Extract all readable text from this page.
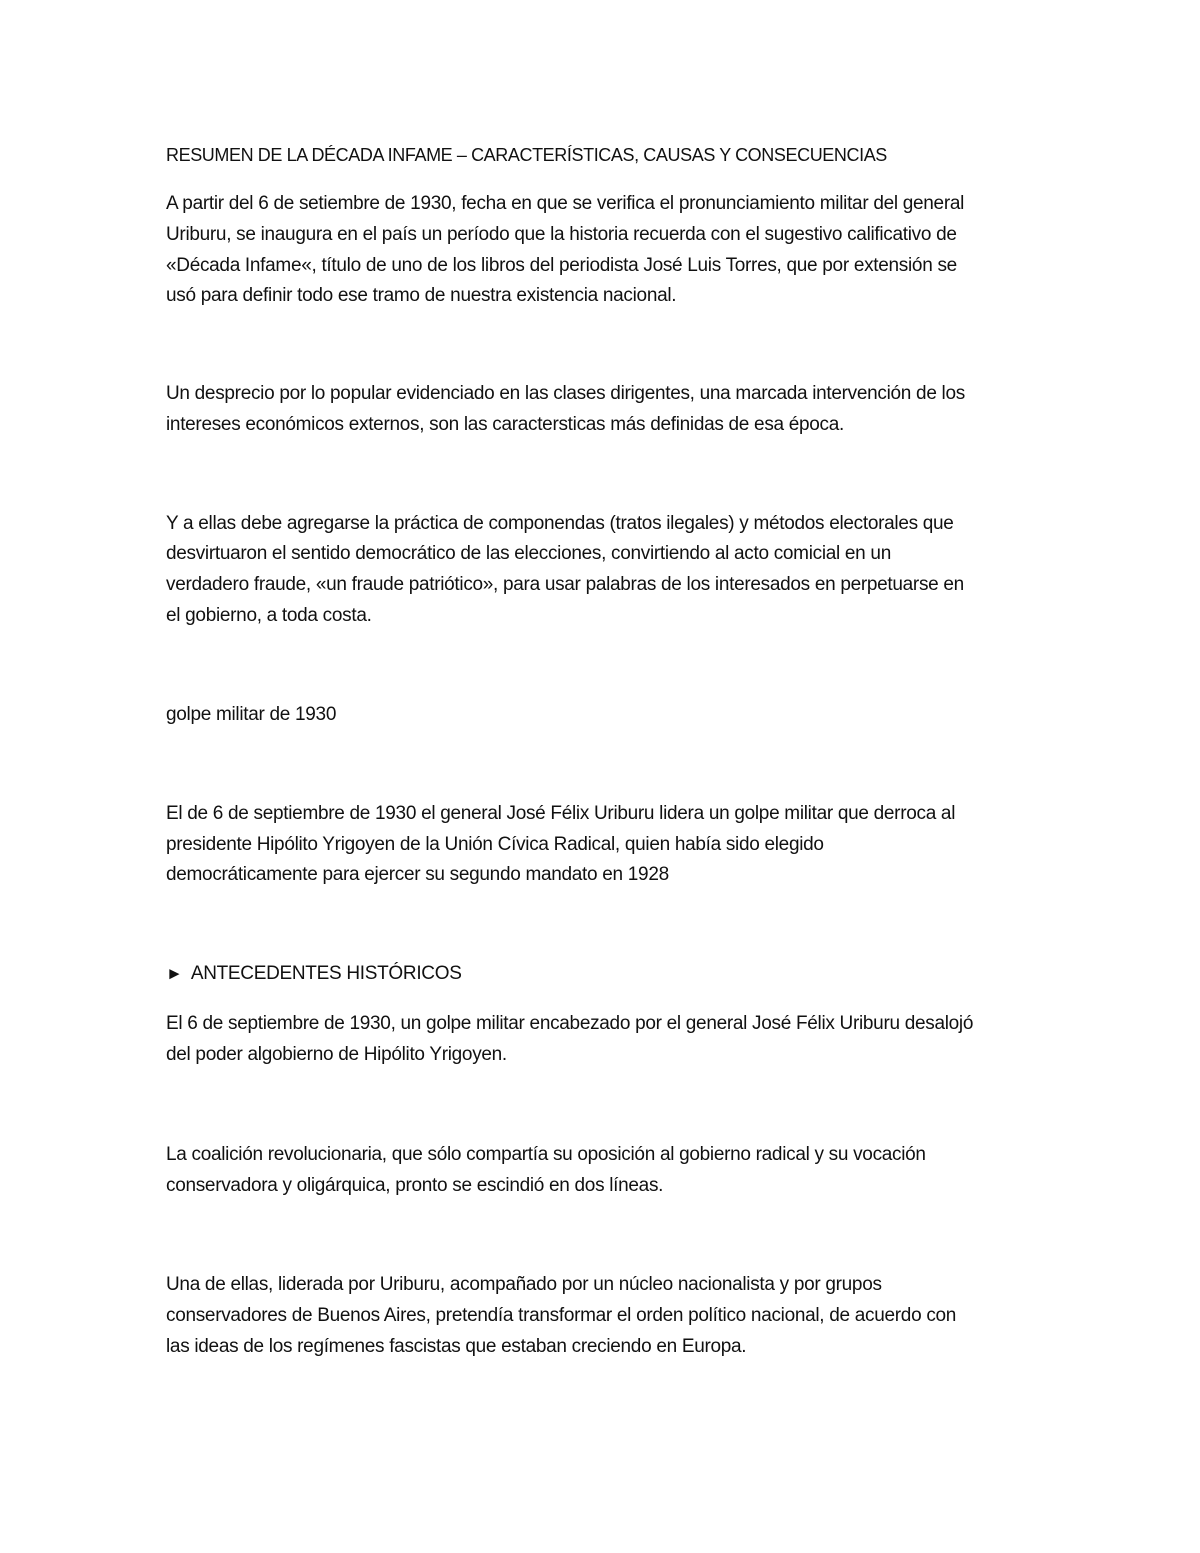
RESUMEN DE LA DÉCADA INFAME – CARACTERÍSTICAS, CAUSAS Y CONSECUENCIAS

A partir del 6 de setiembre de 1930, fecha en que se verifica el pronunciamiento militar del general

Uriburu, se inaugura en el país un período que la historia recuerda con el sugestivo calificativo de

«Década Infame«, título de uno de los libros del periodista José Luis Torres, que por extensión se

usó para definir todo ese tramo de nuestra existencia nacional.

Un desprecio por lo popular evidenciado en las clases dirigentes, una marcada intervención de los

intereses económicos externos, son las caractersticas más definidas de esa época.

Y a ellas debe agregarse la práctica de componendas (tratos ilegales) y métodos electorales que

desvirtuaron el sentido democrático de las elecciones, convirtiendo al acto comicial en un

verdadero fraude, «un fraude patriótico», para usar palabras de los interesados en perpetuarse en

el gobierno, a toda costa.

golpe militar de 1930

El de 6 de septiembre de 1930 el general José Félix Uriburu lidera un golpe militar que derroca al

presidente Hipólito Yrigoyen de la Unión Cívica Radical, quien había sido elegido

democráticamente para ejercer su segundo mandato en 1928

► ANTECEDENTES HISTÓRICOS

El 6 de septiembre de 1930, un golpe militar encabezado por el general José Félix Uriburu desalojó

del poder algobierno de Hipólito Yrigoyen.

La coalición revolucionaria, que sólo compartía su oposición al gobierno radical y su vocación

conservadora y oligárquica, pronto se escindió en dos líneas.

Una de ellas, liderada por Uriburu, acompañado por un núcleo nacionalista y por grupos

conservadores de Buenos Aires, pretendía transformar el orden político nacional, de acuerdo con

las ideas de los regímenes fascistas que estaban creciendo en Europa.
